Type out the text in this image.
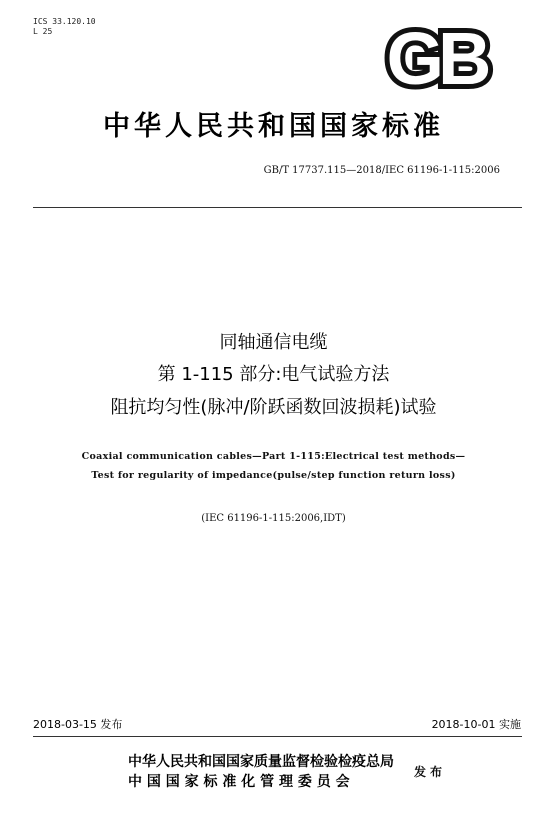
ICS 33.120.10
L 25	GB
中华人民共和国国家标准
GB/T 17737.115—2018/IEC 61196-1-115:2006
同轴通信电缆
第 1-115 部分:电气试验方法
阻抗均匀性(脉冲/阶跃函数回波损耗)试验
Coaxial communication cables—Part 1-115:Electrical test methods—
Test for regularity of impedance(pulse/step function return loss)
(IEC 61196-1-115:2006,IDT)
2018-03-15 发布	2018-10-01 实施
中华人民共和国国家质量监督检验检疫总局
中 国 国 家 标 准 化 管 理 委 员 会
发布
